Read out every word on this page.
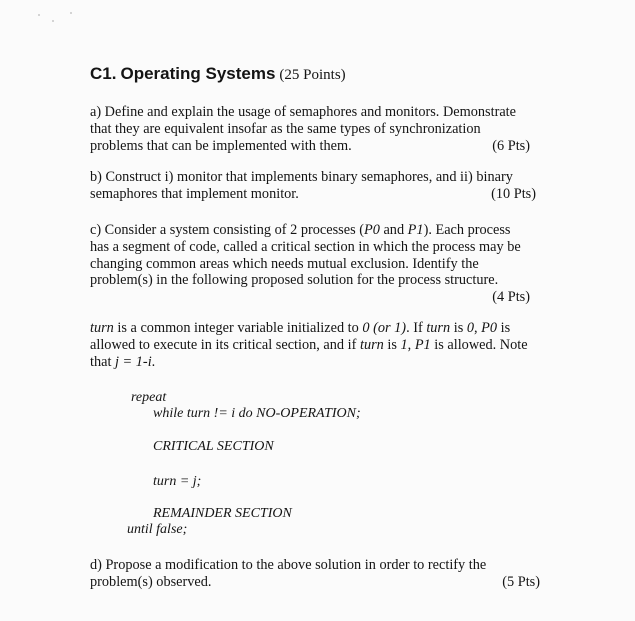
C1. Operating Systems (25 Points)

a) Define and explain the usage of semaphores and monitors. Demonstrate

that they are equivalent insofar as the same types of synchronization

problems that can be implemented with them.	(6 Pts)

b) Construct i) monitor that implements binary semaphores, and ii) binary

semaphores that implement monitor.	(10 Pts)

c) Consider a system consisting of 2 processes (P0 and P1). Each process

has a segment of code, called a critical section in which the process may be

changing common areas which needs mutual exclusion. Identify the

problem(s) in the following proposed solution for the process structure.

(4 Pts)

turn is a common integer variable initialized to 0 (or 1). If turn is 0, P0 is

allowed to execute in its critical section, and if turn is 1, P1 is allowed. Note

that j = 1-i.

repeat
while turn != i do NO-OPERATION;
CRITICAL SECTION
turn = j;
REMAINDER SECTION
until false;

d) Propose a modification to the above solution in order to rectify the

problem(s) observed.	(5 Pts)
